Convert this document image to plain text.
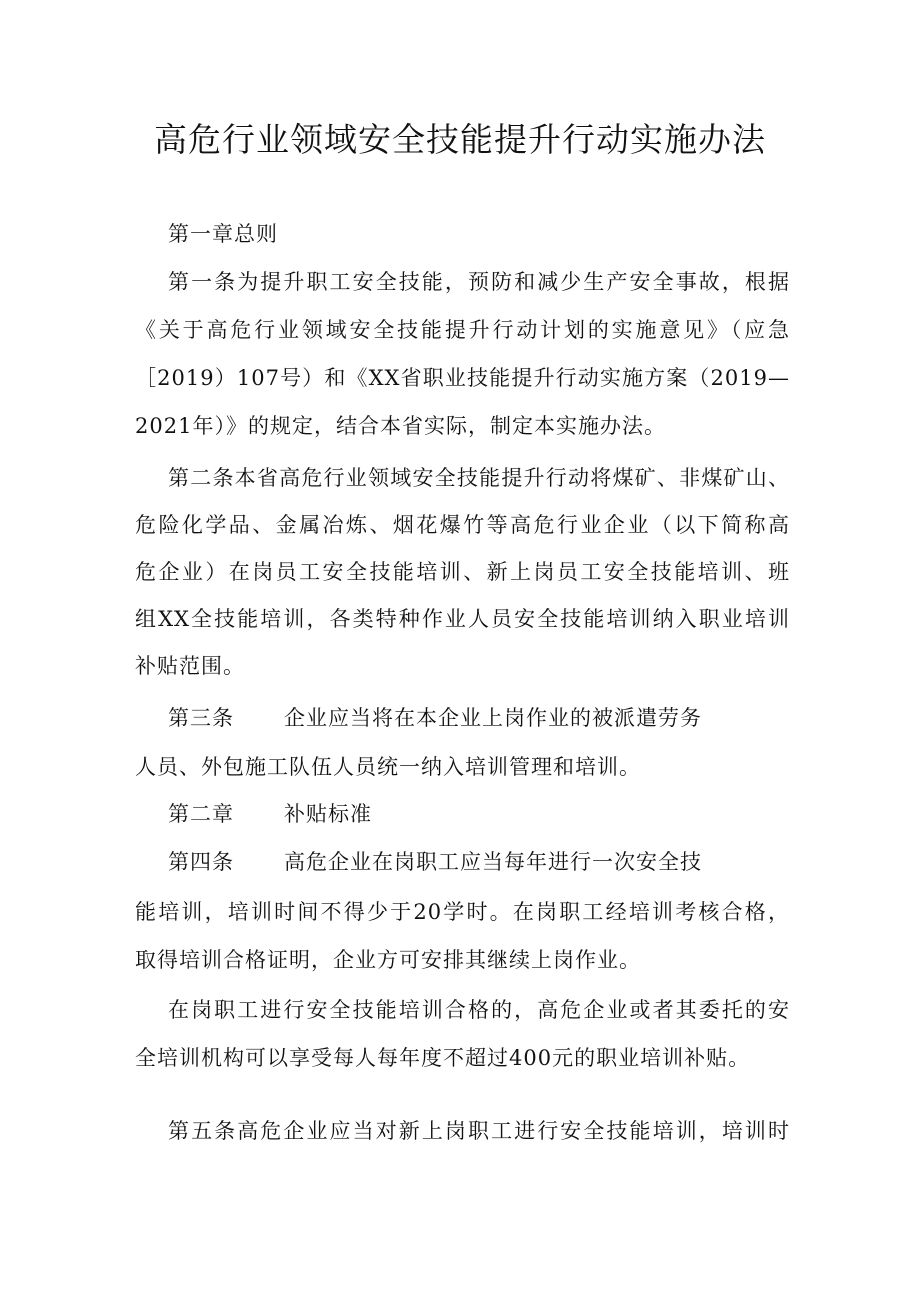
高危行业领域安全技能提升行动实施办法
第一章总则
第一条为提升职工安全技能，预防和减少生产安全事故，根据
《关于高危行业领域安全技能提升行动计划的实施意见》（应急
［2019）107号）和《XX省职业技能提升行动实施方案（2019—
2021年）》的规定，结合本省实际，制定本实施办法。
第二条本省高危行业领域安全技能提升行动将煤矿、非煤矿山、
危险化学品、金属冶炼、烟花爆竹等高危行业企业（以下简称高
危企业）在岗员工安全技能培训、新上岗员工安全技能培训、班
组XX全技能培训，各类特种作业人员安全技能培训纳入职业培训
补贴范围。
第三条 企业应当将在本企业上岗作业的被派遣劳务
人员、外包施工队伍人员统一纳入培训管理和培训。
第二章 补贴标准
第四条 高危企业在岗职工应当每年进行一次安全技
能培训，培训时间不得少于20学时。在岗职工经培训考核合格，
取得培训合格证明，企业方可安排其继续上岗作业。
在岗职工进行安全技能培训合格的，高危企业或者其委托的安
全培训机构可以享受每人每年度不超过400元的职业培训补贴。
第五条高危企业应当对新上岗职工进行安全技能培训，培训时
